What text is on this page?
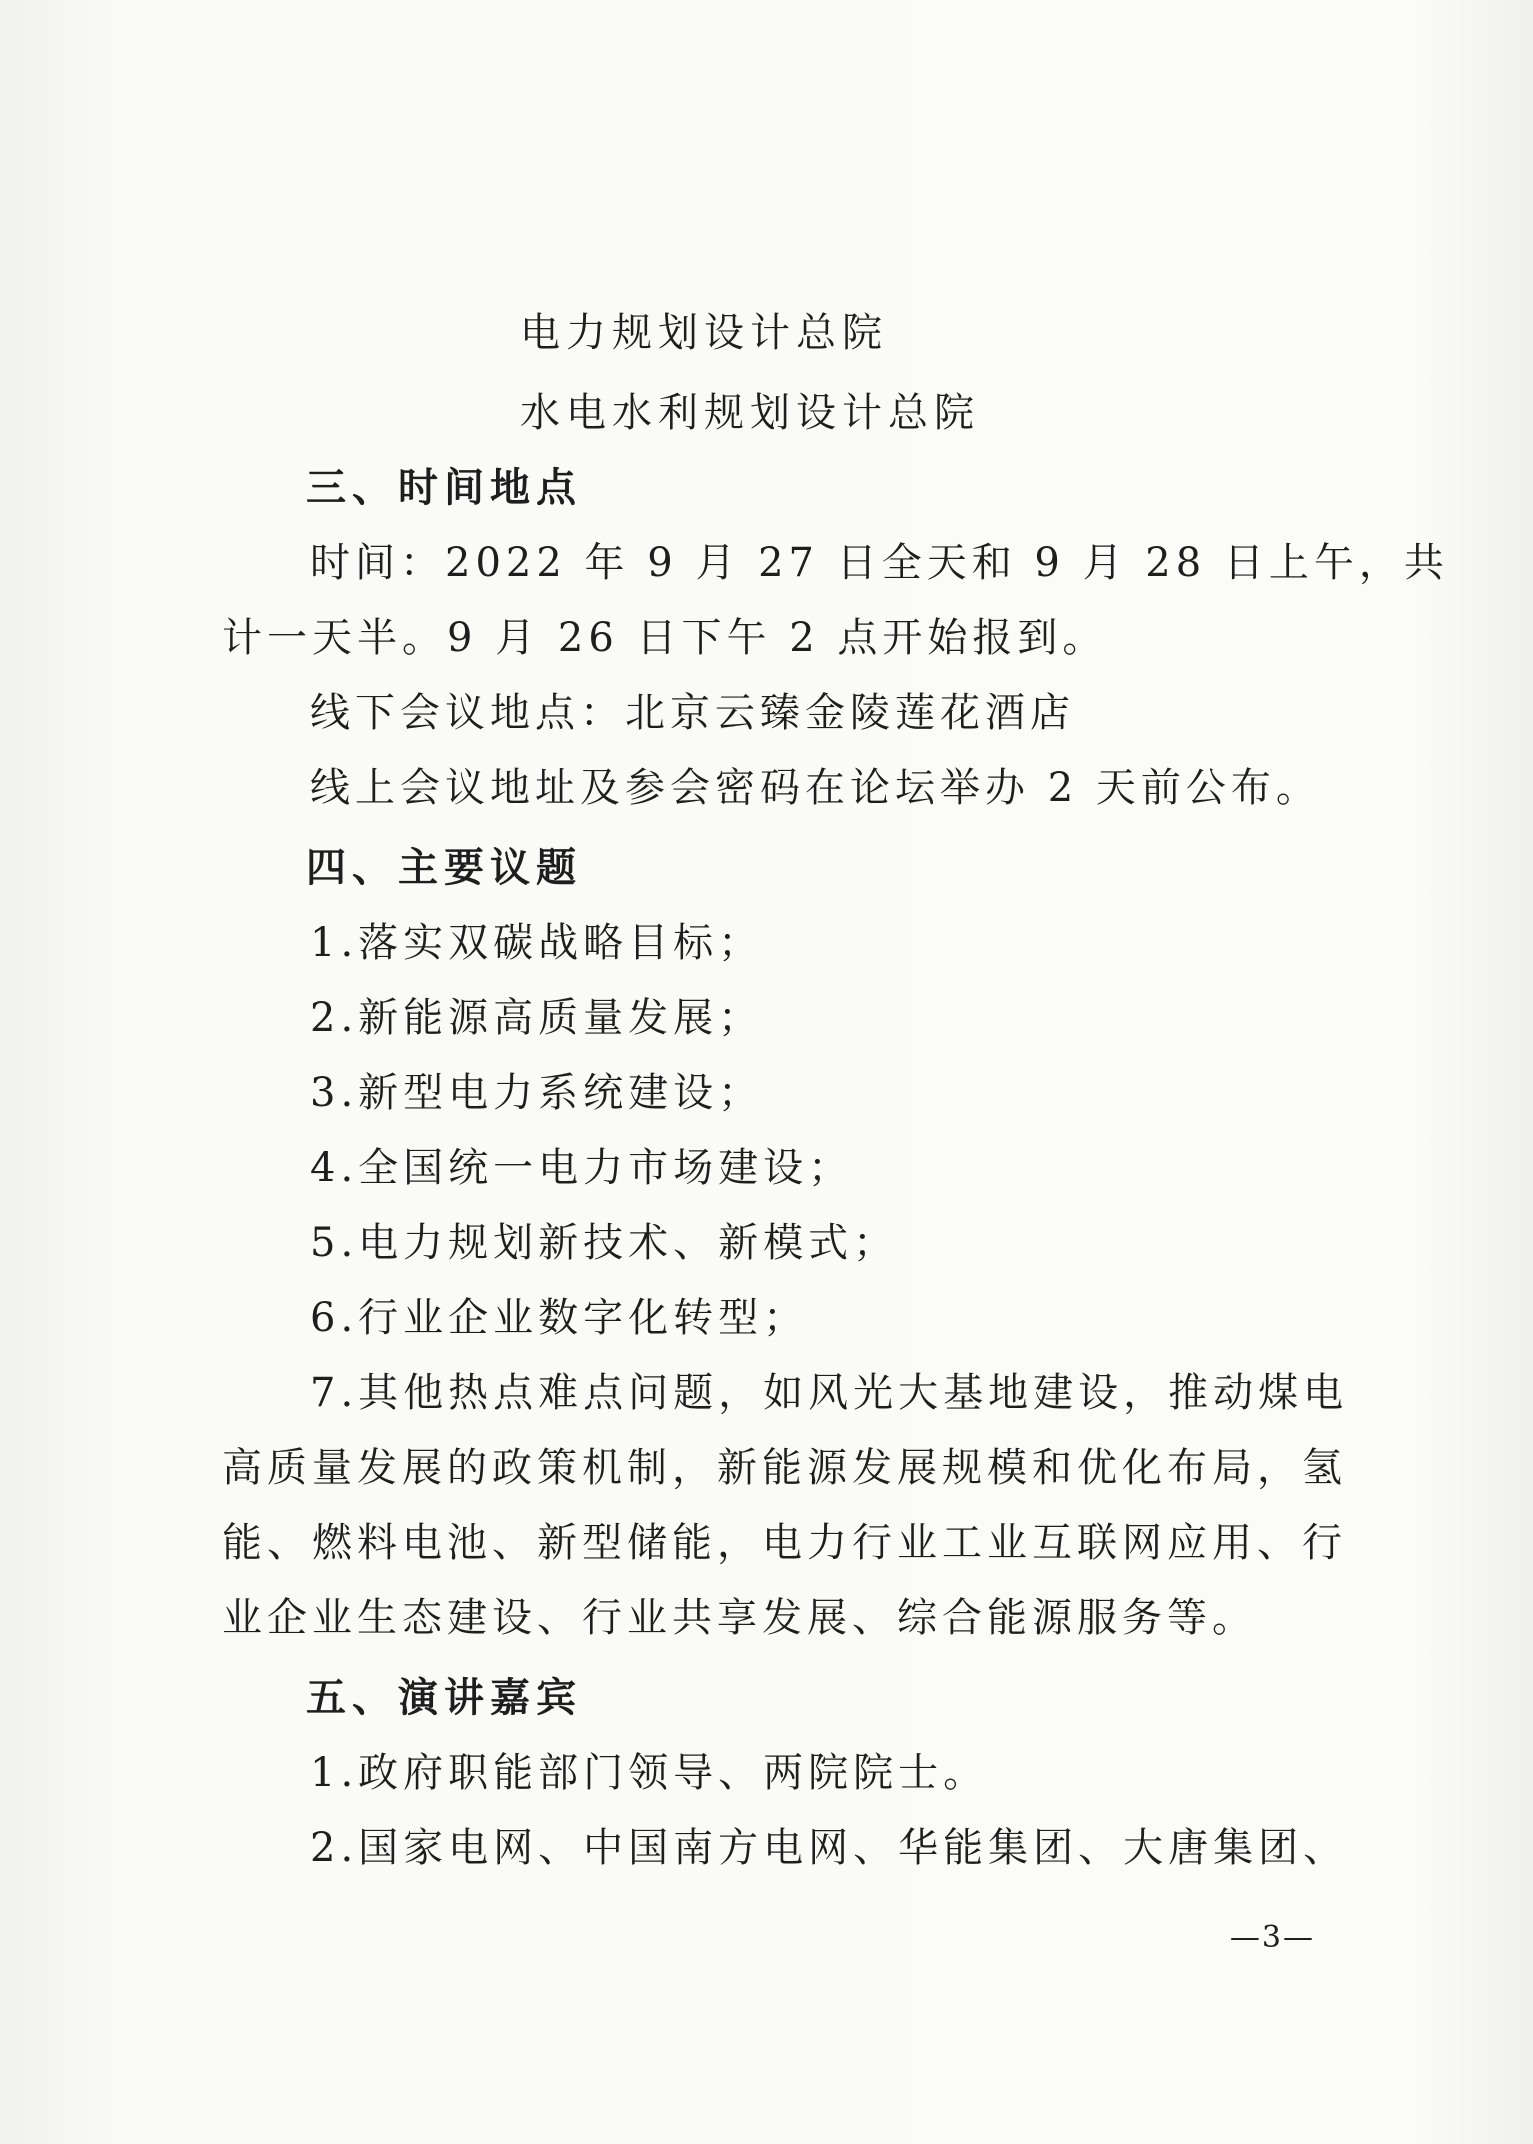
电力规划设计总院
水电水利规划设计总院
三、时间地点
时间：2022 年 9 月 27 日全天和 9 月 28 日上午，共
计一天半。9 月 26 日下午 2 点开始报到。
线下会议地点：北京云臻金陵莲花酒店
线上会议地址及参会密码在论坛举办 2 天前公布。
四、主要议题
1.落实双碳战略目标；
2.新能源高质量发展；
3.新型电力系统建设；
4.全国统一电力市场建设；
5.电力规划新技术、新模式；
6.行业企业数字化转型；
7.其他热点难点问题，如风光大基地建设，推动煤电
高质量发展的政策机制，新能源发展规模和优化布局，氢
能、燃料电池、新型储能，电力行业工业互联网应用、行
业企业生态建设、行业共享发展、综合能源服务等。
五、演讲嘉宾
1.政府职能部门领导、两院院士。
2.国家电网、中国南方电网、华能集团、大唐集团、
—3—
